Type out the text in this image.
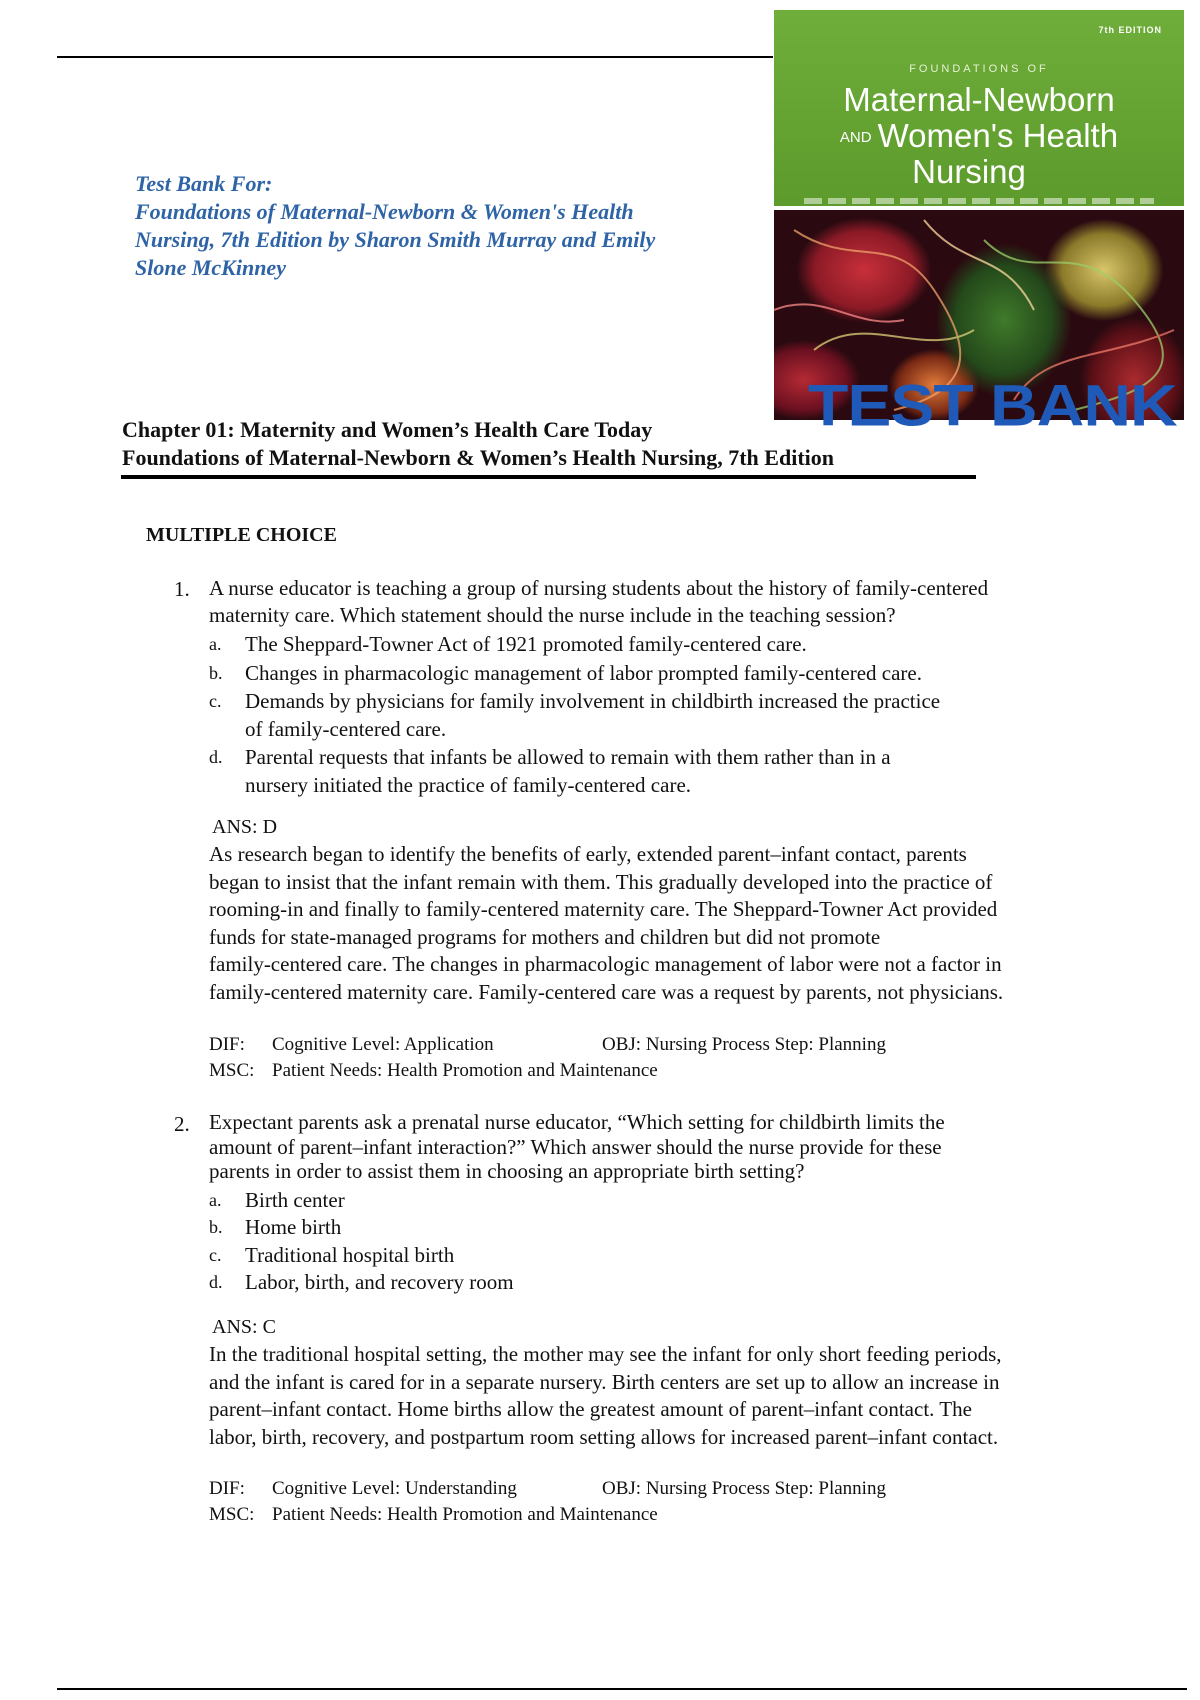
Test Bank For:
Foundations of Maternal-Newborn & Women's Health
Nursing, 7th Edition by Sharon Smith Murray and Emily
Slone McKinney
7th EDITION
FOUNDATIONS OF
Maternal-Newborn
AND Women's Health
Nursing
TEST BANK
Chapter 01: Maternity and Women’s Health Care Today
Foundations of Maternal-Newborn & Women’s Health Nursing, 7th Edition
MULTIPLE CHOICE
1. A nurse educator is teaching a group of nursing students about the history of family-centered
maternity care. Which statement should the nurse include in the teaching session?
a. The Sheppard-Towner Act of 1921 promoted family-centered care.
b. Changes in pharmacologic management of labor prompted family-centered care.
c. Demands by physicians for family involvement in childbirth increased the practice
of family-centered care.
d. Parental requests that infants be allowed to remain with them rather than in a
nursery initiated the practice of family-centered care.
ANS: D
As research began to identify the benefits of early, extended parent–infant contact, parents
began to insist that the infant remain with them. This gradually developed into the practice of
rooming-in and finally to family-centered maternity care. The Sheppard-Towner Act provided
funds for state-managed programs for mothers and children but did not promote
family-centered care. The changes in pharmacologic management of labor were not a factor in
family-centered maternity care. Family-centered care was a request by parents, not physicians.
DIF: Cognitive Level: Application	OBJ: Nursing Process Step: Planning
MSC: Patient Needs: Health Promotion and Maintenance
2. Expectant parents ask a prenatal nurse educator, “Which setting for childbirth limits the
amount of parent–infant interaction?” Which answer should the nurse provide for these
parents in order to assist them in choosing an appropriate birth setting?
a. Birth center
b. Home birth
c. Traditional hospital birth
d. Labor, birth, and recovery room
ANS: C
In the traditional hospital setting, the mother may see the infant for only short feeding periods,
and the infant is cared for in a separate nursery. Birth centers are set up to allow an increase in
parent–infant contact. Home births allow the greatest amount of parent–infant contact. The
labor, birth, recovery, and postpartum room setting allows for increased parent–infant contact.
DIF: Cognitive Level: Understanding	OBJ: Nursing Process Step: Planning
MSC: Patient Needs: Health Promotion and Maintenance
